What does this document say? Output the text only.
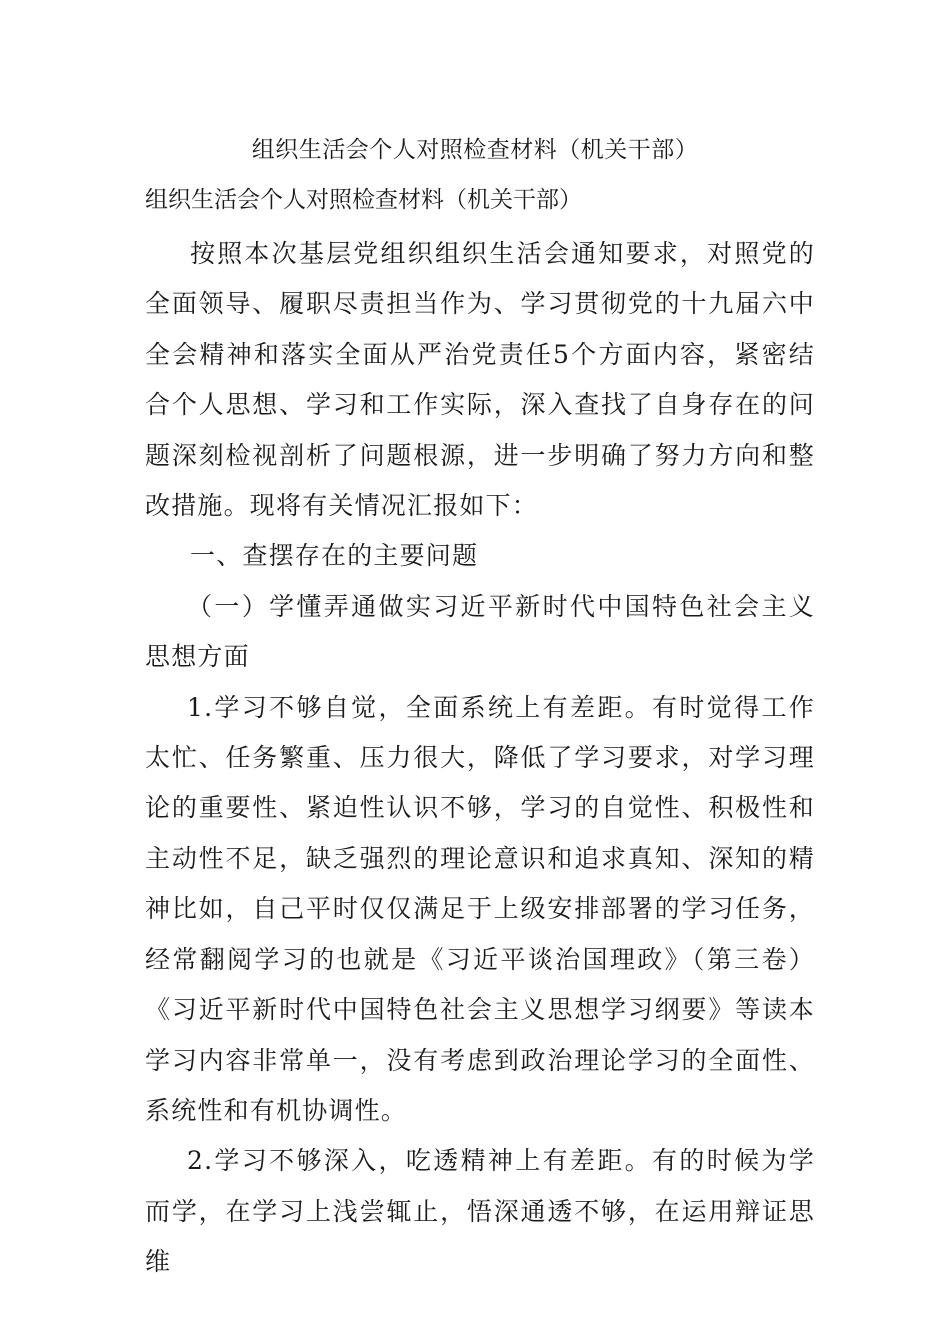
组织生活会个人对照检查材料（机关干部）
组织生活会个人对照检查材料（机关干部）

按照本次基层党组织组织生活会通知要求，对照党的全面领导、履职尽责担当作为、学习贯彻党的十九届六中全会精神和落实全面从严治党责任5个方面内容，紧密结合个人思想、学习和工作实际，深入查找了自身存在的问题深刻检视剖析了问题根源，进一步明确了努力方向和整改措施。现将有关情况汇报如下：

一、查摆存在的主要问题

（一）学懂弄通做实习近平新时代中国特色社会主义思想方面

1.学习不够自觉，全面系统上有差距。有时觉得工作太忙、任务繁重、压力很大，降低了学习要求，对学习理论的重要性、紧迫性认识不够，学习的自觉性、积极性和主动性不足，缺乏强烈的理论意识和追求真知、深知的精神比如，自己平时仅仅满足于上级安排部署的学习任务，经常翻阅学习的也就是《习近平谈治国理政》（第三卷）《习近平新时代中国特色社会主义思想学习纲要》等读本学习内容非常单一，没有考虑到政治理论学习的全面性、系统性和有机协调性。

2.学习不够深入，吃透精神上有差距。有的时候为学而学，在学习上浅尝辄止，悟深通透不够，在运用辩证思维
